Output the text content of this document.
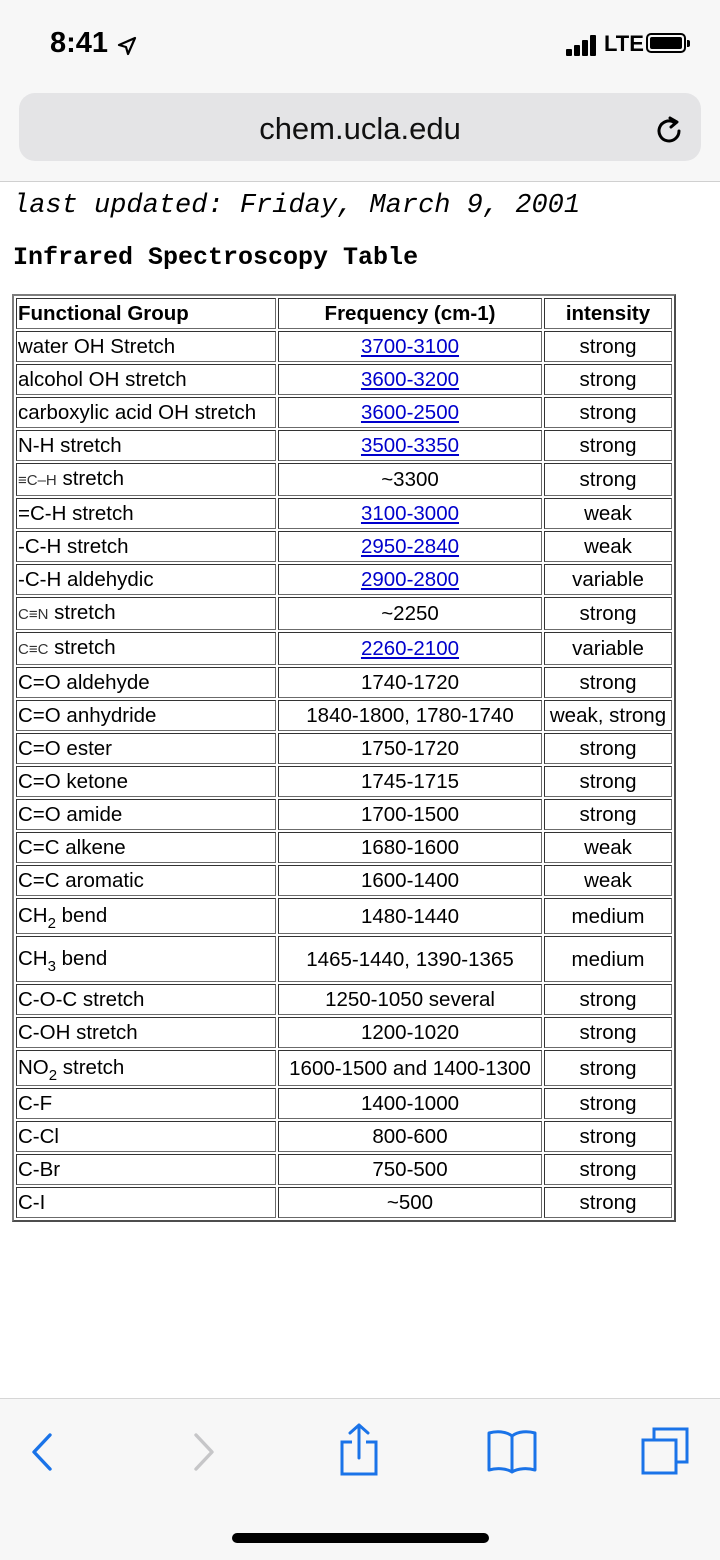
8:41	LTE
chem.ucla.edu
last updated: Friday, March 9, 2001
Infrared Spectroscopy Table
Functional Group	Frequency (cm-1)	intensity
water OH Stretch	3700-3100	strong
alcohol OH stretch	3600-3200	strong
carboxylic acid OH stretch	3600-2500	strong
N-H stretch	3500-3350	strong
≡C–H stretch	~3300	strong
=C-H stretch	3100-3000	weak
-C-H stretch	2950-2840	weak
-C-H aldehydic	2900-2800	variable
C≡N stretch	~2250	strong
C≡C stretch	2260-2100	variable
C=O aldehyde	1740-1720	strong
C=O anhydride	1840-1800, 1780-1740	weak, strong
C=O ester	1750-1720	strong
C=O ketone	1745-1715	strong
C=O amide	1700-1500	strong
C=C alkene	1680-1600	weak
C=C aromatic	1600-1400	weak
$CH_2$ bend	1480-1440	medium
$CH_3$ bend	1465-1440, 1390-1365	medium
C-O-C stretch	1250-1050 several	strong
C-OH stretch	1200-1020	strong
$NO_2$ stretch	1600-1500 and 1400-1300	strong
C-F	1400-1000	strong
C-Cl	800-600	strong
C-Br	750-500	strong
C-I	~500	strong
